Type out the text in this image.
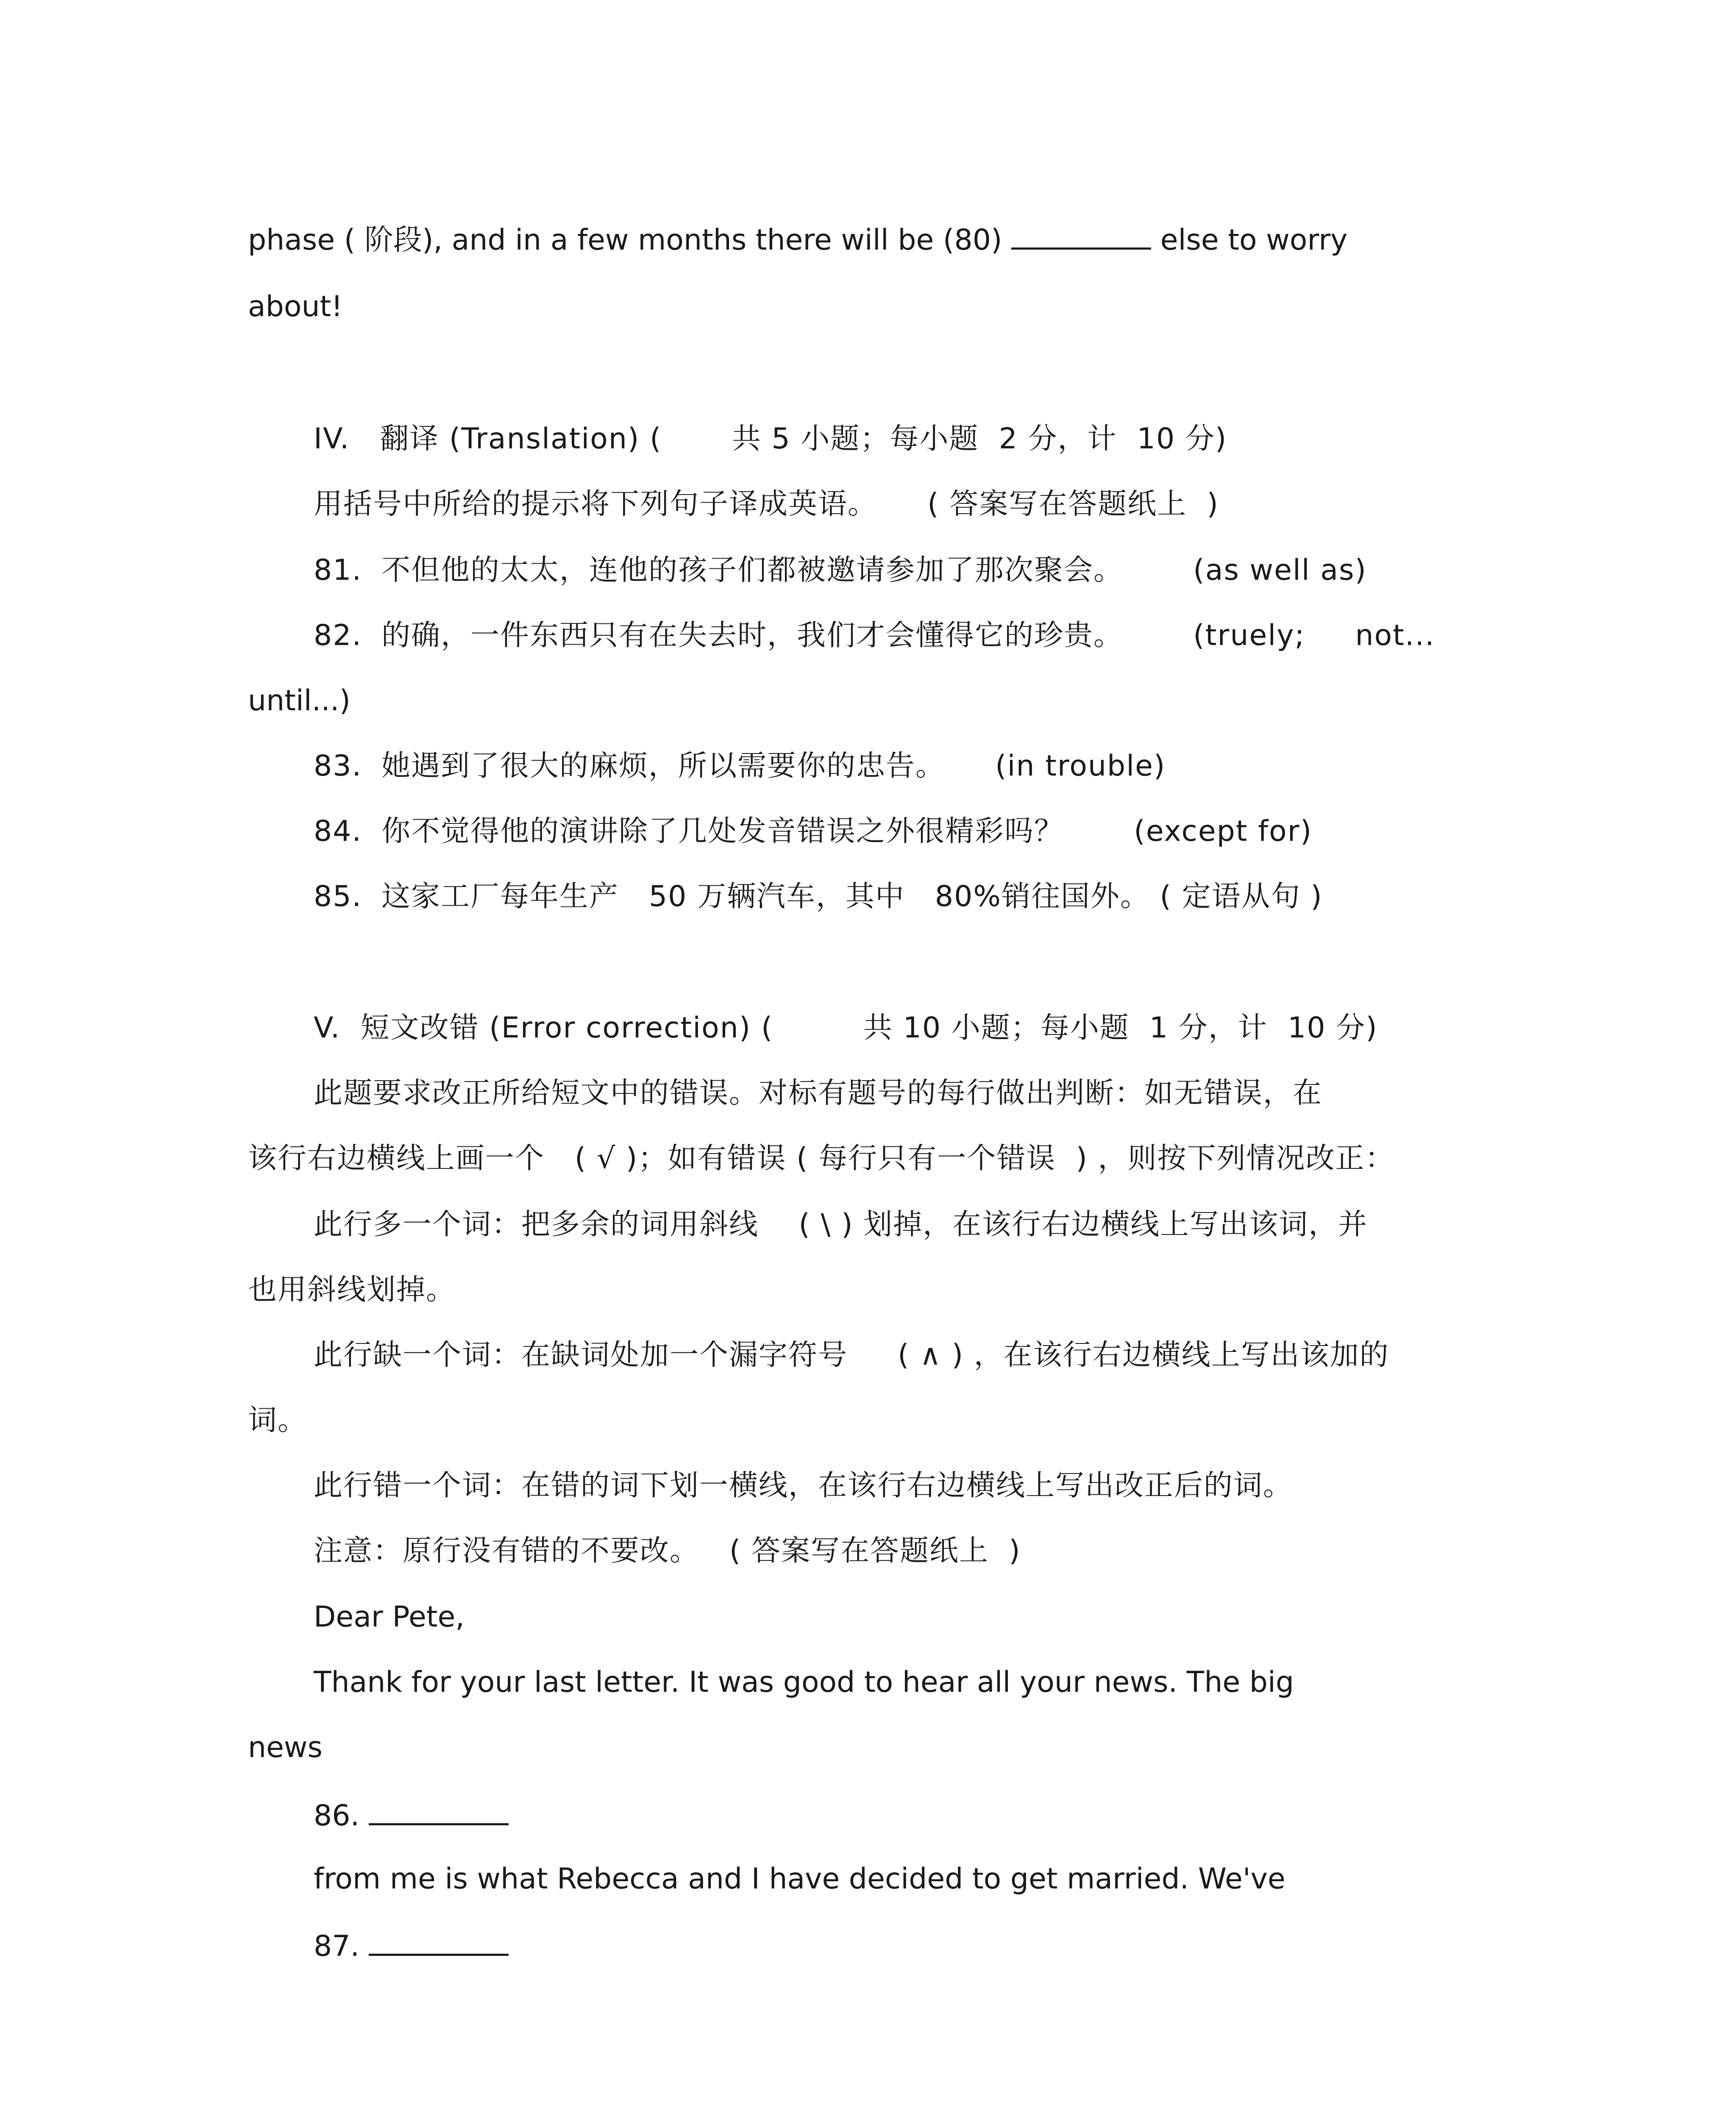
phase ( 阶段), and in a few months there will be (80)	else to worry

about!

IV.   翻译 (Translation) (       共 5 小题；每小题  2 分，计  10 分)

用括号中所给的提示将下列句子译成英语。     ( 答案写在答题纸上  )

81. 不但他的太太，连他的孩子们都被邀请参加了那次聚会。       (as well as)

82. 的确，一件东西只有在失去时，我们才会懂得它的珍贵。       (truely;     not...

until...)

83. 她遇到了很大的麻烦，所以需要你的忠告。     (in trouble)

84. 你不觉得他的演讲除了几处发音错误之外很精彩吗？       (except for)

85. 这家工厂每年生产   50 万辆汽车，其中   80%销往国外。 ( 定语从句 )

V.  短文改错 (Error correction) (         共 10 小题；每小题  1 分，计  10 分)

此题要求改正所给短文中的错误。对标有题号的每行做出判断：如无错误，在

该行右边横线上画一个   ( √ )；如有错误 ( 每行只有一个错误  ) ，则按下列情况改正：

此行多一个词：把多余的词用斜线    ( \ ) 划掉，在该行右边横线上写出该词，并

也用斜线划掉。

此行缺一个词：在缺词处加一个漏字符号     ( ∧ ) ，在该行右边横线上写出该加的

词。

此行错一个词：在错的词下划一横线，在该行右边横线上写出改正后的词。

注意：原行没有错的不要改。   ( 答案写在答题纸上  )

Dear Pete,

Thank for your last letter. It was good to hear all your news. The big

news

86.

from me is what Rebecca and I have decided to get married. We've

87.
